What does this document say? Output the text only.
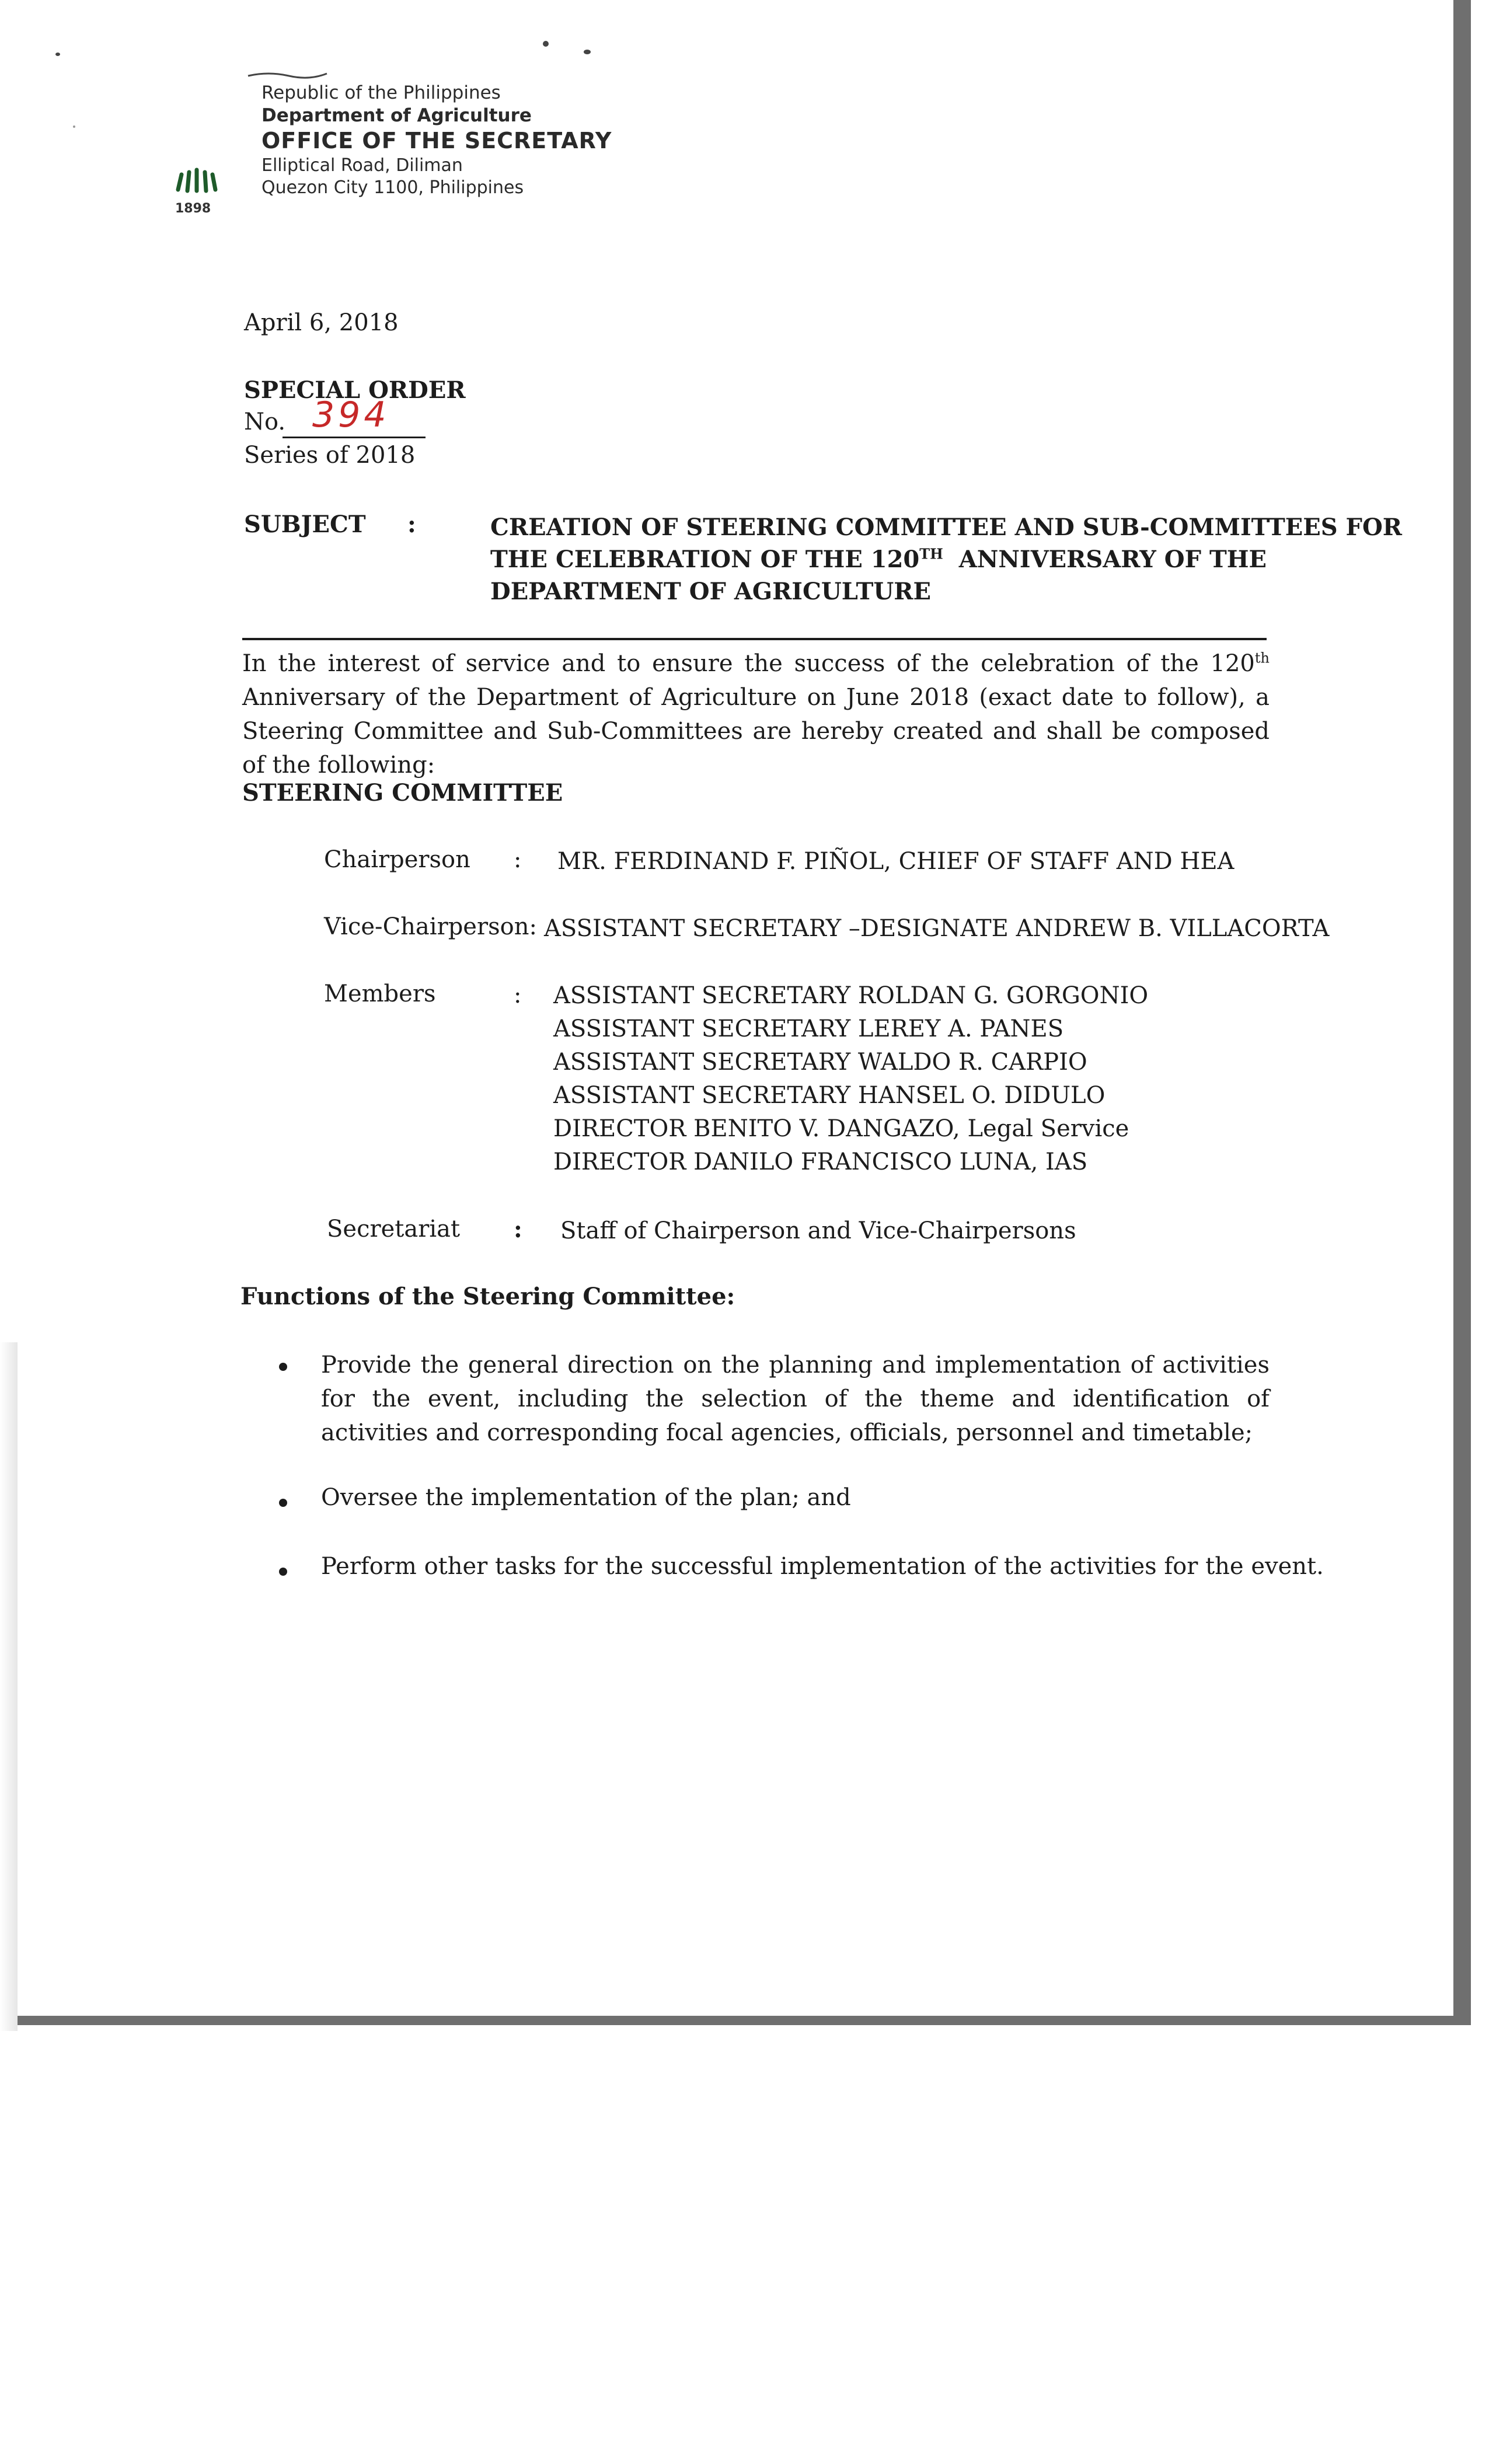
1898
Republic of the Philippines
Department of Agriculture
OFFICE OF THE SECRETARY
Elliptical Road, Diliman
Quezon City 1100, Philippines
April 6, 2018
SPECIAL ORDER
No. 394
Series of 2018
SUBJECT :	CREATION OF STEERING COMMITTEE AND SUB-COMMITTEES FOR
THE CELEBRATION OF THE 120TH ANNIVERSARY OF THE
DEPARTMENT OF AGRICULTURE
In the interest of service and to ensure the success of the celebration of the 120th Anniversary of the Department of Agriculture on June 2018 (exact date to follow), a Steering Committee and Sub-Committees are hereby created and shall be composed of the following:
STEERING COMMITTEE
Chairperson : MR. FERDINAND F. PIÑOL, CHIEF OF STAFF AND HEA
Vice-Chairperson: ASSISTANT SECRETARY –DESIGNATE ANDREW B. VILLACORTA
Members	: ASSISTANT SECRETARY ROLDAN G. GORGONIO
ASSISTANT SECRETARY LEREY A. PANES
ASSISTANT SECRETARY WALDO R. CARPIO
ASSISTANT SECRETARY HANSEL O. DIDULO
DIRECTOR BENITO V. DANGAZO, Legal Service
DIRECTOR DANILO FRANCISCO LUNA, IAS
Secretariat : Staff of Chairperson and Vice-Chairpersons
Functions of the Steering Committee:
Provide the general direction on the planning and implementation of activities for the event, including the selection of the theme and identification of activities and corresponding focal agencies, officials, personnel and timetable;
Oversee the implementation of the plan; and
Perform other tasks for the successful implementation of the activities for the event.
